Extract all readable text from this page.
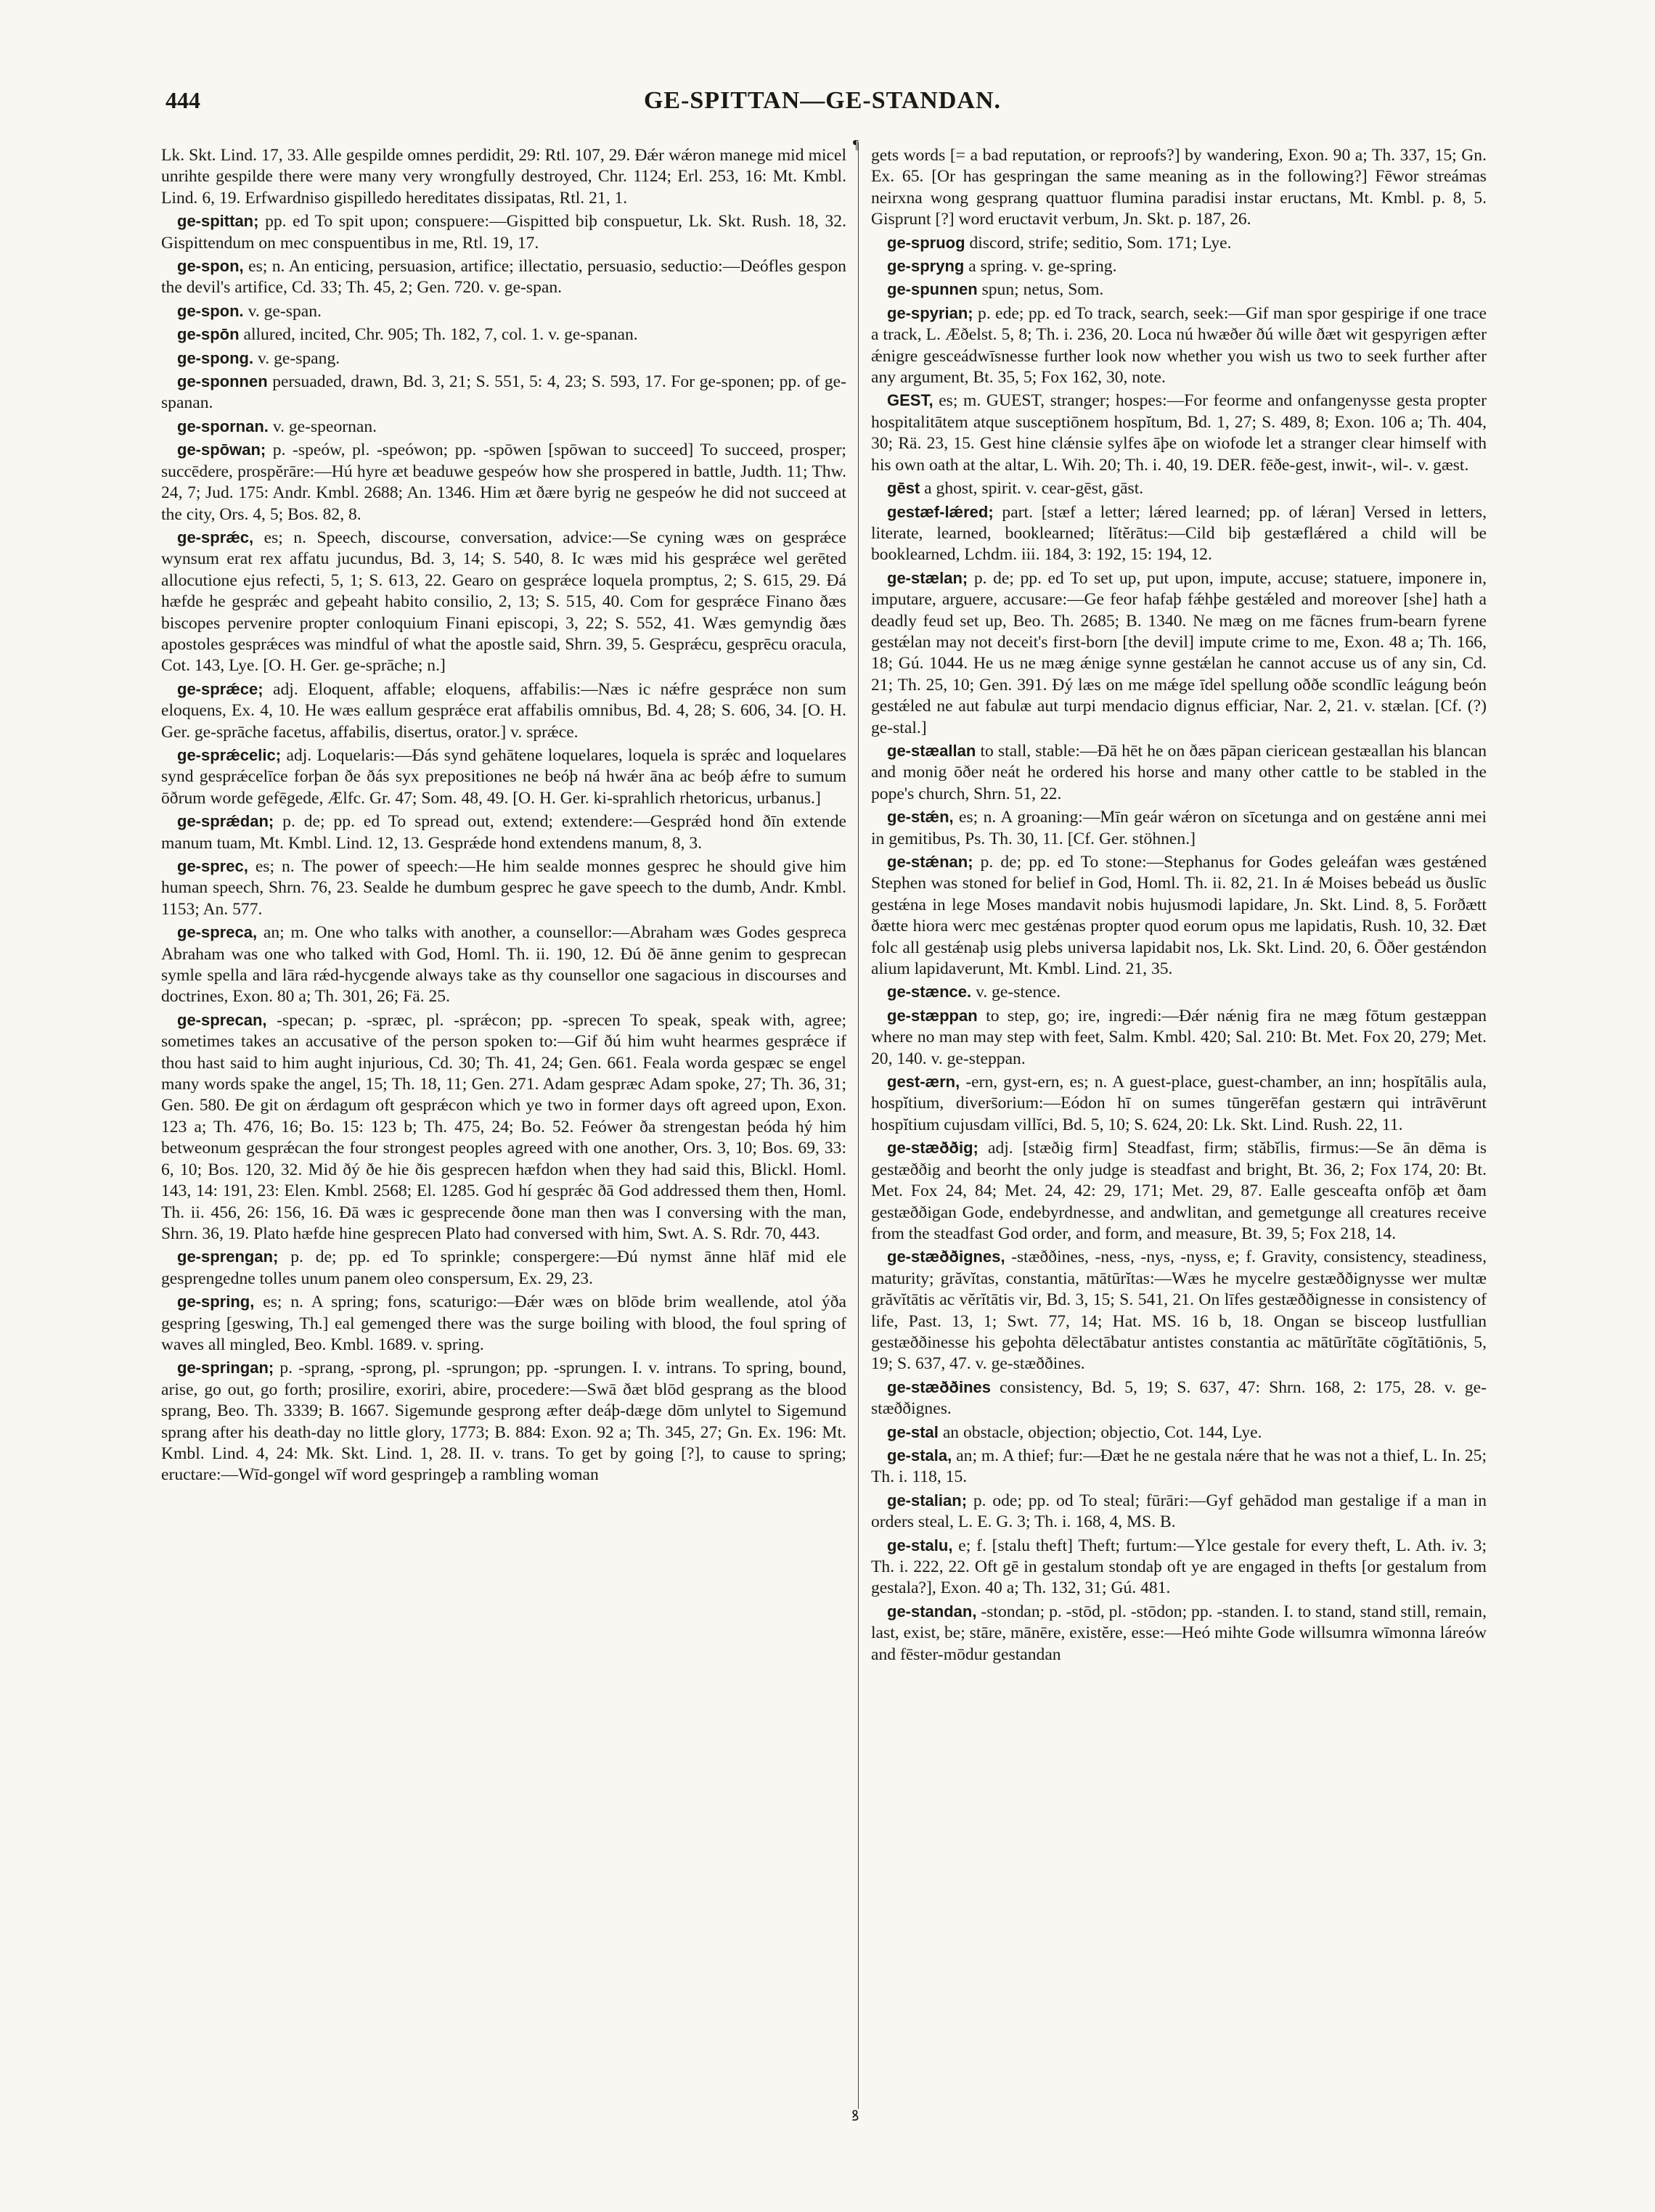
444	GE-SPITTAN—GE-STANDAN.

Lk. Skt. Lind. 17, 33. Alle gespilde omnes perdidit, 29: Rtl. 107, 29. Ðǽr wǽron manege mid micel unrihte gespilde there were many very wrongfully destroyed, Chr. 1124; Erl. 253, 16: Mt. Kmbl. Lind. 6, 19. Erfwardniso gispilledo hereditates dissipatas, Rtl. 21, 1.

ge-spittan; pp. ed To spit upon; conspuere:—Gispitted biþ conspuetur, Lk. Skt. Rush. 18, 32. Gispittendum on mec conspuentibus in me, Rtl. 19, 17.

ge-spon, es; n. An enticing, persuasion, artifice; illectatio, persuasio, seductio:—Deófles gespon the devil's artifice, Cd. 33; Th. 45, 2; Gen. 720. v. ge-span.

ge-spon. v. ge-span.

ge-spōn allured, incited, Chr. 905; Th. 182, 7, col. 1. v. ge-spanan.

ge-spong. v. ge-spang.

ge-sponnen persuaded, drawn, Bd. 3, 21; S. 551, 5: 4, 23; S. 593, 17. For ge-sponen; pp. of ge-spanan.

ge-spornan. v. ge-speornan.

ge-spōwan; p. -speów, pl. -speówon; pp. -spōwen [spōwan to succeed] To succeed, prosper; succēdere, prospĕrāre:—Hú hyre æt beaduwe gespeów how she prospered in battle, Judth. 11; Thw. 24, 7; Jud. 175: Andr. Kmbl. 2688; An. 1346. Him æt ðære byrig ne gespeów he did not succeed at the city, Ors. 4, 5; Bos. 82, 8.

ge-sprǽc, es; n. Speech, discourse, conversation, advice:—Se cyning wæs on gesprǽce wynsum erat rex affatu jucundus, Bd. 3, 14; S. 540, 8. Ic wæs mid his gesprǽce wel gerēted allocutione ejus refecti, 5, 1; S. 613, 22. Gearo on gesprǽce loquela promptus, 2; S. 615, 29. Ðá hæfde he gesprǽc and geþeaht habito consilio, 2, 13; S. 515, 40. Com for gesprǽce Finano ðæs biscopes pervenire propter conloquium Finani episcopi, 3, 22; S. 552, 41. Wæs gemyndig ðæs apostoles gesprǽces was mindful of what the apostle said, Shrn. 39, 5. Gesprǽcu, gesprēcu oracula, Cot. 143, Lye. [O. H. Ger. ge-sprāche; n.]

ge-sprǽce; adj. Eloquent, affable; eloquens, affabilis:—Næs ic nǽfre gesprǽce non sum eloquens, Ex. 4, 10. He wæs eallum gesprǽce erat affabilis omnibus, Bd. 4, 28; S. 606, 34. [O. H. Ger. ge-sprāche facetus, affabilis, disertus, orator.] v. sprǽce.

ge-sprǽcelic; adj. Loquelaris:—Ðás synd gehātene loquelares, loquela is sprǽc and loquelares synd gesprǽcelīce forþan ðe ðás syx prepositiones ne beóþ ná hwǽr āna ac beóþ ǽfre to sumum ōðrum worde gefēgede, Ælfc. Gr. 47; Som. 48, 49. [O. H. Ger. ki-sprahlich rhetoricus, urbanus.]

ge-sprǽdan; p. de; pp. ed To spread out, extend; extendere:—Gesprǽd hond ðīn extende manum tuam, Mt. Kmbl. Lind. 12, 13. Gesprǽde hond extendens manum, 8, 3.

ge-sprec, es; n. The power of speech:—He him sealde monnes gesprec he should give him human speech, Shrn. 76, 23. Sealde he dumbum gesprec he gave speech to the dumb, Andr. Kmbl. 1153; An. 577.

ge-spreca, an; m. One who talks with another, a counsellor:—Abraham wæs Godes gespreca Abraham was one who talked with God, Homl. Th. ii. 190, 12. Ðú ðē ānne genim to gesprecan symle spella and lāra rǽd-hycgende always take as thy counsellor one sagacious in discourses and doctrines, Exon. 80 a; Th. 301, 26; Fä. 25.

ge-sprecan, -specan; p. -spræc, pl. -sprǽcon; pp. -sprecen To speak, speak with, agree; sometimes takes an accusative of the person spoken to:—Gif ðú him wuht hearmes gesprǽce if thou hast said to him aught injurious, Cd. 30; Th. 41, 24; Gen. 661. Feala worda gespæc se engel many words spake the angel, 15; Th. 18, 11; Gen. 271. Adam gespræc Adam spoke, 27; Th. 36, 31; Gen. 580. Ðe git on ǽrdagum oft gesprǽcon which ye two in former days oft agreed upon, Exon. 123 a; Th. 476, 16; Bo. 15: 123 b; Th. 475, 24; Bo. 52. Feówer ða strengestan þeóda hý him betweonum gesprǽcan the four strongest peoples agreed with one another, Ors. 3, 10; Bos. 69, 33: 6, 10; Bos. 120, 32. Mid ðý ðe hie ðis gesprecen hæfdon when they had said this, Blickl. Homl. 143, 14: 191, 23: Elen. Kmbl. 2568; El. 1285. God hí gesprǽc ðā God addressed them then, Homl. Th. ii. 456, 26: 156, 16. Ðā wæs ic gesprecende ðone man then was I conversing with the man, Shrn. 36, 19. Plato hæfde hine gesprecen Plato had conversed with him, Swt. A. S. Rdr. 70, 443.

ge-sprengan; p. de; pp. ed To sprinkle; conspergere:—Ðú nymst ānne hlāf mid ele gesprengedne tolles unum panem oleo conspersum, Ex. 29, 23.

ge-spring, es; n. A spring; fons, scaturigo:—Ðǽr wæs on blōde brim weallende, atol ýða gespring [geswing, Th.] eal gemenged there was the surge boiling with blood, the foul spring of waves all mingled, Beo. Kmbl. 1689. v. spring.

ge-springan; p. -sprang, -sprong, pl. -sprungon; pp. -sprungen. I. v. intrans. To spring, bound, arise, go out, go forth; prosilire, exoriri, abire, procedere:—Swā ðæt blōd gesprang as the blood sprang, Beo. Th. 3339; B. 1667. Sigemunde gesprong æfter deáþ-dæge dōm unlytel to Sigemund sprang after his death-day no little glory, 1773; B. 884: Exon. 92 a; Th. 345, 27; Gn. Ex. 196: Mt. Kmbl. Lind. 4, 24: Mk. Skt. Lind. 1, 28. II. v. trans. To get by going [?], to cause to spring; eructare:—Wīd-gongel wīf word gespringeþ a rambling woman

¶
ꝸ

gets words [= a bad reputation, or reproofs?] by wandering, Exon. 90 a; Th. 337, 15; Gn. Ex. 65. [Or has gespringan the same meaning as in the following?] Fēwor streámas neirxna wong gesprang quattuor flumina paradisi instar eructans, Mt. Kmbl. p. 8, 5. Gisprunt [?] word eructavit verbum, Jn. Skt. p. 187, 26.

ge-spruog discord, strife; seditio, Som. 171; Lye.

ge-spryng a spring. v. ge-spring.

ge-spunnen spun; netus, Som.

ge-spyrian; p. ede; pp. ed To track, search, seek:—Gif man spor gespirige if one trace a track, L. Æðelst. 5, 8; Th. i. 236, 20. Loca nú hwæðer ðú wille ðæt wit gespyrigen æfter ǽnigre gesceádwīsnesse further look now whether you wish us two to seek further after any argument, Bt. 35, 5; Fox 162, 30, note.

GEST, es; m. GUEST, stranger; hospes:—For feorme and onfangenysse gesta propter hospitalitātem atque susceptiōnem hospĭtum, Bd. 1, 27; S. 489, 8; Exon. 106 a; Th. 404, 30; Rä. 23, 15. Gest hine clǽnsie sylfes āþe on wiofode let a stranger clear himself with his own oath at the altar, L. Wih. 20; Th. i. 40, 19. DER. fēðe-gest, inwit-, wil-. v. gæst.

gēst a ghost, spirit. v. cear-gēst, gāst.

gestæf-lǽred; part. [stæf a letter; lǽred learned; pp. of lǽran] Versed in letters, literate, learned, booklearned; lĭtĕrātus:—Cild biþ gestæflǽred a child will be booklearned, Lchdm. iii. 184, 3: 192, 15: 194, 12.

ge-stælan; p. de; pp. ed To set up, put upon, impute, accuse; statuere, imponere in, imputare, arguere, accusare:—Ge feor hafaþ fǽhþe gestǽled and moreover [she] hath a deadly feud set up, Beo. Th. 2685; B. 1340. Ne mæg on me fācnes frum-bearn fyrene gestǽlan may not deceit's first-born [the devil] impute crime to me, Exon. 48 a; Th. 166, 18; Gú. 1044. He us ne mæg ǽnige synne gestǽlan he cannot accuse us of any sin, Cd. 21; Th. 25, 10; Gen. 391. Ðý læs on me mǽge īdel spellung oððe scondlīc leágung beón gestǽled ne aut fabulæ aut turpi mendacio dignus efficiar, Nar. 2, 21. v. stælan. [Cf. (?) ge-stal.]

ge-stæallan to stall, stable:—Ðā hēt he on ðæs pāpan ciericean gestæallan his blancan and monig ōðer neát he ordered his horse and many other cattle to be stabled in the pope's church, Shrn. 51, 22.

ge-stǽn, es; n. A groaning:—Mīn geár wǽron on sīcetunga and on gestǽne anni mei in gemitibus, Ps. Th. 30, 11. [Cf. Ger. stöhnen.]

ge-stǽnan; p. de; pp. ed To stone:—Stephanus for Godes geleáfan wæs gestǽned Stephen was stoned for belief in God, Homl. Th. ii. 82, 21. In ǽ Moises bebeád us ðuslīc gestǽna in lege Moses mandavit nobis hujusmodi lapidare, Jn. Skt. Lind. 8, 5. Forðætt ðætte hiora werc mec gestǽnas propter quod eorum opus me lapidatis, Rush. 10, 32. Ðæt folc all gestǽnaþ usig plebs universa lapidabit nos, Lk. Skt. Lind. 20, 6. Ōðer gestǽndon alium lapidaverunt, Mt. Kmbl. Lind. 21, 35.

ge-stænce. v. ge-stence.

ge-stæppan to step, go; ire, ingredi:—Ðǽr nǽnig fira ne mæg fōtum gestæppan where no man may step with feet, Salm. Kmbl. 420; Sal. 210: Bt. Met. Fox 20, 279; Met. 20, 140. v. ge-steppan.

gest-ærn, -ern, gyst-ern, es; n. A guest-place, guest-chamber, an inn; hospĭtālis aula, hospĭtium, divers̄orium:—Eódon hī on sumes tūngerēfan gestærn qui intrāvērunt hospĭtium cujusdam villĭci, Bd. 5, 10; S. 624, 20: Lk. Skt. Lind. Rush. 22, 11.

ge-stæððig; adj. [stæðig firm] Steadfast, firm; stăbĭlis, firmus:—Se ān dēma is gestæððig and beorht the only judge is steadfast and bright, Bt. 36, 2; Fox 174, 20: Bt. Met. Fox 24, 84; Met. 24, 42: 29, 171; Met. 29, 87. Ealle gesceafta onfōþ æt ðam gestæððigan Gode, endebyrdnesse, and andwlitan, and gemetgunge all creatures receive from the steadfast God order, and form, and measure, Bt. 39, 5; Fox 218, 14.

ge-stæððignes, -stæððines, -ness, -nys, -nyss, e; f. Gravity, consistency, steadiness, maturity; grăvĭtas, constantia, mātūrĭtas:—Wæs he mycelre gestæððignysse wer multæ grăvĭtātis ac vĕrĭtātis vir, Bd. 3, 15; S. 541, 21. On līfes gestæððignesse in consistency of life, Past. 13, 1; Swt. 77, 14; Hat. MS. 16 b, 18. Ongan se bisceop lustfullian gestæððinesse his geþohta dēlectābatur antistes constantia ac mātūrĭtāte cōgĭtātiōnis, 5, 19; S. 637, 47. v. ge-stæððines.

ge-stæððines consistency, Bd. 5, 19; S. 637, 47: Shrn. 168, 2: 175, 28. v. ge-stæððignes.

ge-stal an obstacle, objection; objectio, Cot. 144, Lye.

ge-stala, an; m. A thief; fur:—Ðæt he ne gestala nǽre that he was not a thief, L. In. 25; Th. i. 118, 15.

ge-stalian; p. ode; pp. od To steal; fūrāri:—Gyf gehādod man gestalige if a man in orders steal, L. E. G. 3; Th. i. 168, 4, MS. B.

ge-stalu, e; f. [stalu theft] Theft; furtum:—Ylce gestale for every theft, L. Ath. iv. 3; Th. i. 222, 22. Oft gē in gestalum stondaþ oft ye are engaged in thefts [or gestalum from gestala?], Exon. 40 a; Th. 132, 31; Gú. 481.

ge-standan, -stondan; p. -stōd, pl. -stōdon; pp. -standen. I. to stand, stand still, remain, last, exist, be; stāre, mānēre, existĕre, esse:—Heó mihte Gode willsumra wīmonna láreów and fēster-mōdur gestandan
